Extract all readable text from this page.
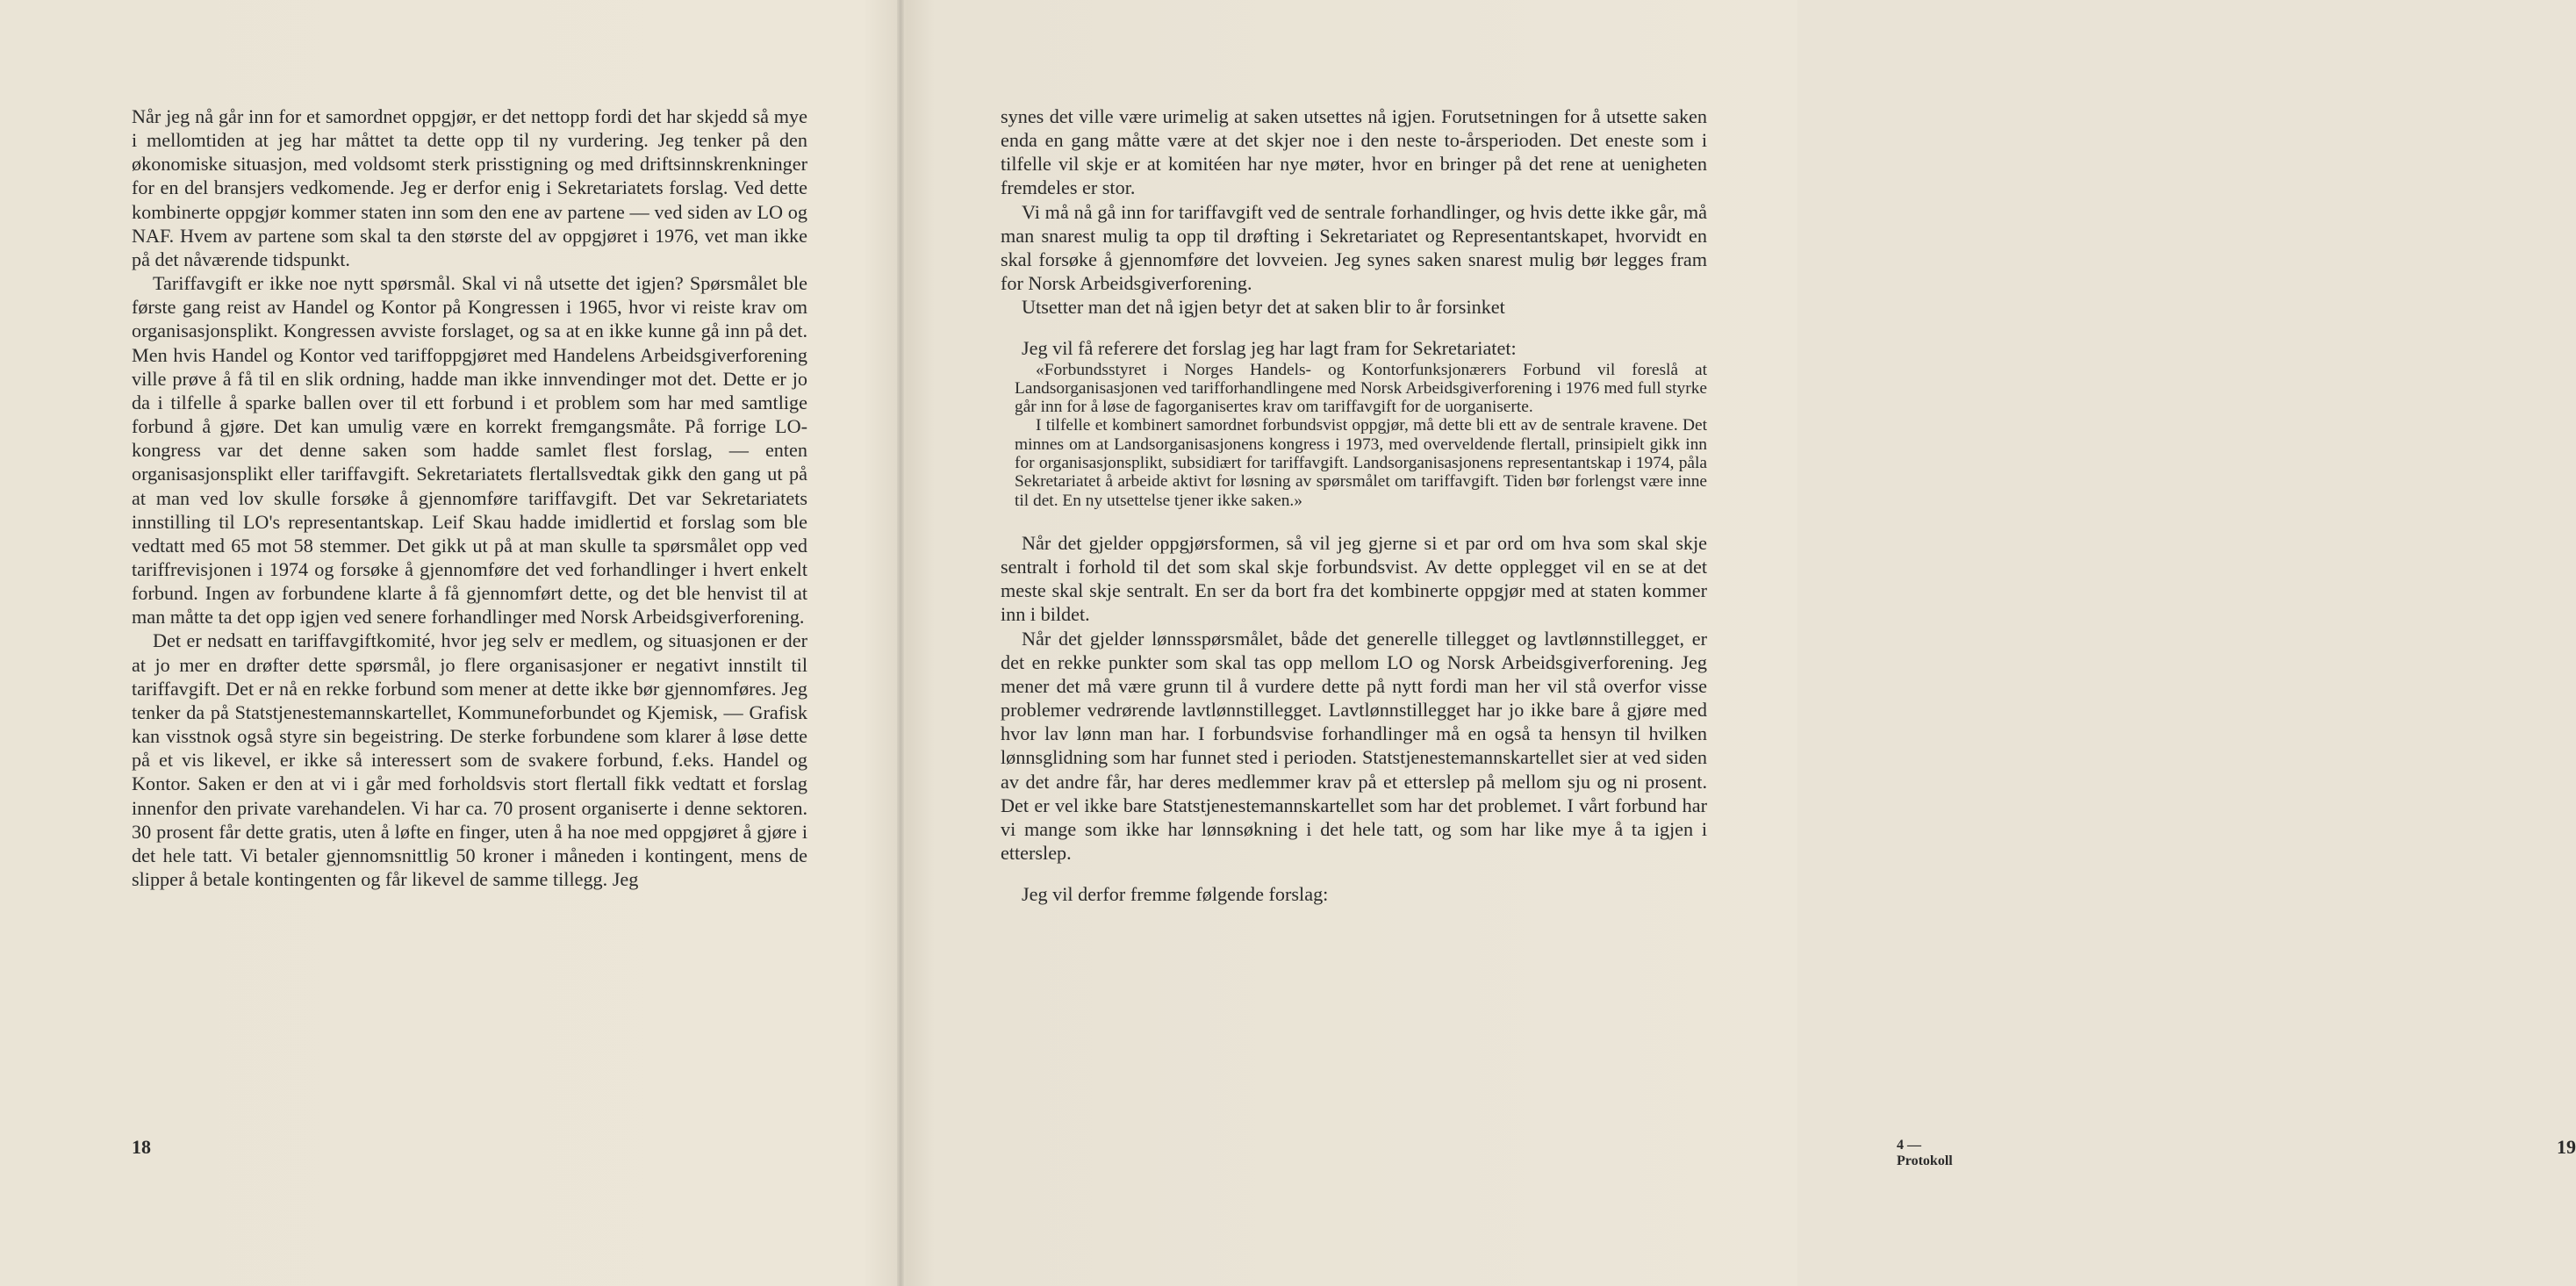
Når jeg nå går inn for et samordnet oppgjør, er det nettopp fordi det har skjedd så mye i mellomtiden at jeg har måttet ta dette opp til ny vurdering. Jeg tenker på den økonomiske situasjon, med voldsomt sterk prisstigning og med driftsinnskrenkninger for en del bransjers vedkomende. Jeg er derfor enig i Sekretariatets forslag. Ved dette kombinerte oppgjør kommer staten inn som den ene av partene — ved siden av LO og NAF. Hvem av partene som skal ta den største del av oppgjøret i 1976, vet man ikke på det nåværende tidspunkt.

Tariffavgift er ikke noe nytt spørsmål. Skal vi nå utsette det igjen? Spørsmålet ble første gang reist av Handel og Kontor på Kongressen i 1965, hvor vi reiste krav om organisasjonsplikt. Kongressen avviste forslaget, og sa at en ikke kunne gå inn på det. Men hvis Handel og Kontor ved tariffoppgjøret med Handelens Arbeidsgiverforening ville prøve å få til en slik ordning, hadde man ikke innvendinger mot det. Dette er jo da i tilfelle å sparke ballen over til ett forbund i et problem som har med samtlige forbund å gjøre. Det kan umulig være en korrekt fremgangsmåte. På forrige LO-kongress var det denne saken som hadde samlet flest forslag, — enten organisasjonsplikt eller tariffavgift. Sekretariatets flertallsvedtak gikk den gang ut på at man ved lov skulle forsøke å gjennomføre tariffavgift. Det var Sekretariatets innstilling til LO's representantskap. Leif Skau hadde imidlertid et forslag som ble vedtatt med 65 mot 58 stemmer. Det gikk ut på at man skulle ta spørsmålet opp ved tariffrevisjonen i 1974 og forsøke å gjennomføre det ved forhandlinger i hvert enkelt forbund. Ingen av forbundene klarte å få gjennomført dette, og det ble henvist til at man måtte ta det opp igjen ved senere forhandlinger med Norsk Arbeidsgiverforening.

Det er nedsatt en tariffavgiftkomité, hvor jeg selv er medlem, og situasjonen er der at jo mer en drøfter dette spørsmål, jo flere organisasjoner er negativt innstilt til tariffavgift. Det er nå en rekke forbund som mener at dette ikke bør gjennomføres. Jeg tenker da på Statstjenestemannskartellet, Kommuneforbundet og Kjemisk, — Grafisk kan visstnok også styre sin begeistring. De sterke forbundene som klarer å løse dette på et vis likevel, er ikke så interessert som de svakere forbund, f.eks. Handel og Kontor. Saken er den at vi i går med forholdsvis stort flertall fikk vedtatt et forslag innenfor den private varehandelen. Vi har ca. 70 prosent organiserte i denne sektoren. 30 prosent får dette gratis, uten å løfte en finger, uten å ha noe med oppgjøret å gjøre i det hele tatt. Vi betaler gjennomsnittlig 50 kroner i måneden i kontingent, mens de slipper å betale kontingenten og får likevel de samme tillegg. Jeg

18

synes det ville være urimelig at saken utsettes nå igjen. Forutsetningen for å utsette saken enda en gang måtte være at det skjer noe i den neste to-årsperioden. Det eneste som i tilfelle vil skje er at komitéen har nye møter, hvor en bringer på det rene at uenigheten fremdeles er stor.

Vi må nå gå inn for tariffavgift ved de sentrale forhandlinger, og hvis dette ikke går, må man snarest mulig ta opp til drøfting i Sekretariatet og Representantskapet, hvorvidt en skal forsøke å gjennomføre det lovveien. Jeg synes saken snarest mulig bør legges fram for Norsk Arbeidsgiverforening.

Utsetter man det nå igjen betyr det at saken blir to år forsinket

Jeg vil få referere det forslag jeg har lagt fram for Sekretariatet:

«Forbundsstyret i Norges Handels- og Kontorfunksjonærers Forbund vil foreslå at Landsorganisasjonen ved tarifforhandlingene med Norsk Arbeidsgiverforening i 1976 med full styrke går inn for å løse de fagorganisertes krav om tariffavgift for de uorganiserte.

I tilfelle et kombinert samordnet forbundsvist oppgjør, må dette bli ett av de sentrale kravene. Det minnes om at Landsorganisasjonens kongress i 1973, med overveldende flertall, prinsipielt gikk inn for organisasjonsplikt, subsidiært for tariffavgift. Landsorganisasjonens representantskap i 1974, påla Sekretariatet å arbeide aktivt for løsning av spørsmålet om tariffavgift. Tiden bør forlengst være inne til det. En ny utsettelse tjener ikke saken.»

Når det gjelder oppgjørsformen, så vil jeg gjerne si et par ord om hva som skal skje sentralt i forhold til det som skal skje forbundsvist. Av dette opplegget vil en se at det meste skal skje sentralt. En ser da bort fra det kombinerte oppgjør med at staten kommer inn i bildet.

Når det gjelder lønnsspørsmålet, både det generelle tillegget og lavtlønnstillegget, er det en rekke punkter som skal tas opp mellom LO og Norsk Arbeidsgiverforening. Jeg mener det må være grunn til å vurdere dette på nytt fordi man her vil stå overfor visse problemer vedrørende lavtlønnstillegget. Lavtlønnstillegget har jo ikke bare å gjøre med hvor lav lønn man har. I forbundsvise forhandlinger må en også ta hensyn til hvilken lønnsglidning som har funnet sted i perioden. Statstjenestemannskartellet sier at ved siden av det andre får, har deres medlemmer krav på et etterslep på mellom sju og ni prosent. Det er vel ikke bare Statstjenestemannskartellet som har det problemet. I vårt forbund har vi mange som ikke har lønnsøkning i det hele tatt, og som har like mye å ta igjen i etterslep.

Jeg vil derfor fremme følgende forslag:

4 — Protokoll
19
